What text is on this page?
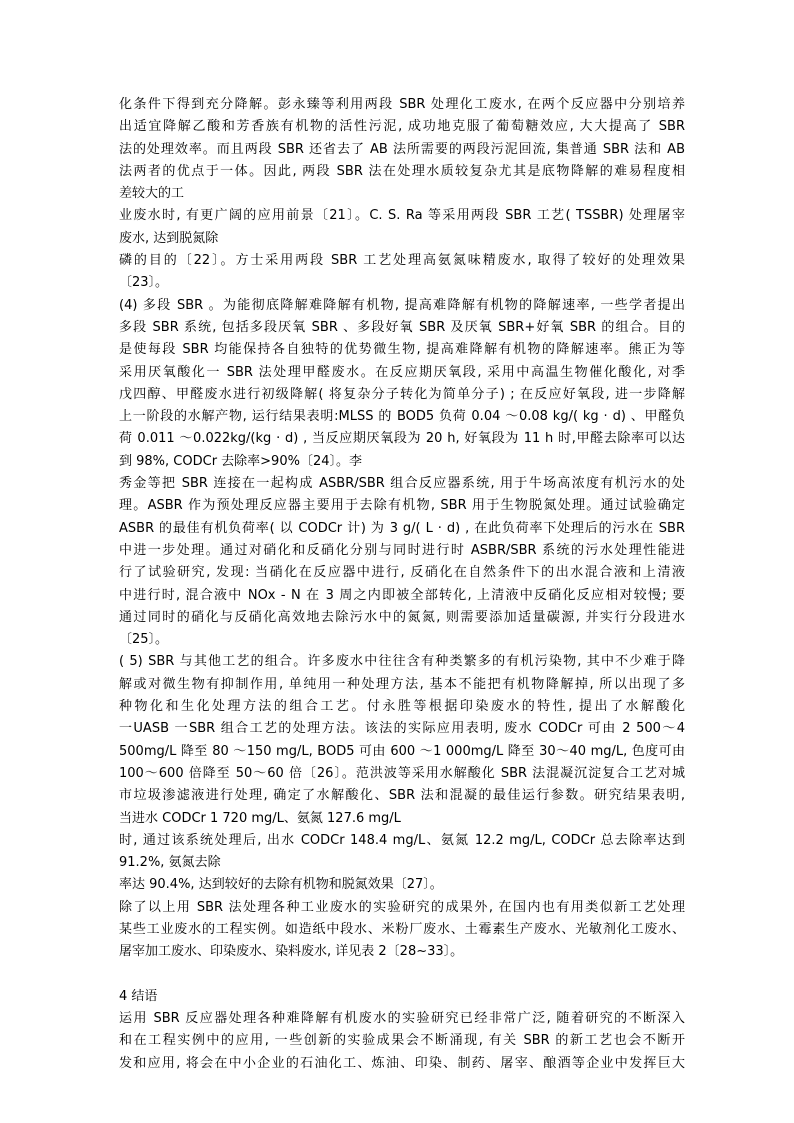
化条件下得到充分降解。彭永臻等利用两段 SBR 处理化工废水, 在两个反应器中分别培养
出适宜降解乙酸和芳香族有机物的活性污泥, 成功地克服了葡萄糖效应, 大大提高了 SBR
法的处理效率。而且两段 SBR 还省去了 AB 法所需要的两段污泥回流, 集普通 SBR 法和 AB
法两者的优点于一体。因此, 两段 SBR 法在处理水质较复杂尤其是底物降解的难易程度相
差较大的工
业废水时, 有更广阔的应用前景〔21〕。C. S. Ra 等采用两段 SBR 工艺( TSSBR) 处理屠宰
废水, 达到脱氮除
磷的目的〔22〕。方士采用两段 SBR 工艺处理高氨氮味精废水, 取得了较好的处理效果
〔23〕。
(4) 多段 SBR 。为能彻底降解难降解有机物, 提高难降解有机物的降解速率, 一些学者提出
多段 SBR 系统, 包括多段厌氧 SBR 、多段好氧 SBR 及厌氧 SBR+好氧 SBR 的组合。目的
是使每段 SBR 均能保持各自独特的优势微生物, 提高难降解有机物的降解速率。熊正为等
采用厌氧酸化一 SBR 法处理甲醛废水。在反应期厌氧段, 采用中高温生物催化酸化, 对季
戊四醇、甲醛废水进行初级降解( 将复杂分子转化为简单分子) ; 在反应好氧段, 进一步降解
上一阶段的水解产物, 运行结果表明:MLSS 的 BOD5 负荷 0.04 ～0.08 kg/( kg · d) 、甲醛负
荷 0.011 ～0.022kg/(kg · d) , 当反应期厌氧段为 20 h, 好氧段为 11 h 时,甲醛去除率可以达
到 98%, CODCr 去除率>90%〔24〕。李
秀金等把 SBR 连接在一起构成 ASBR/SBR 组合反应器系统, 用于牛场高浓度有机污水的处
理。ASBR 作为预处理反应器主要用于去除有机物, SBR 用于生物脱氮处理。通过试验确定
ASBR 的最佳有机负荷率( 以 CODCr 计) 为 3 g/( L · d) , 在此负荷率下处理后的污水在 SBR
中进一步处理。通过对硝化和反硝化分别与同时进行时 ASBR/SBR 系统的污水处理性能进
行了试验研究, 发现: 当硝化在反应器中进行, 反硝化在自然条件下的出水混合液和上清液
中进行时, 混合液中 NOx - N 在 3 周之内即被全部转化, 上清液中反硝化反应相对较慢; 要
通过同时的硝化与反硝化高效地去除污水中的氮氮, 则需要添加适量碳源, 并实行分段进水
〔25〕。
( 5) SBR 与其他工艺的组合。许多废水中往往含有种类繁多的有机污染物, 其中不少难于降
解或对微生物有抑制作用, 单纯用一种处理方法, 基本不能把有机物降解掉, 所以出现了多
种物化和生化处理方法的组合工艺。付永胜等根据印染废水的特性, 提出了水解酸化
一UASB 一SBR 组合工艺的处理方法。该法的实际应用表明, 废水 CODCr 可由 2 500～4
500mg/L 降至 80 ～150 mg/L, BOD5 可由 600 ～1 000mg/L 降至 30～40 mg/L, 色度可由
100～600 倍降至 50～60 倍〔26〕。范洪波等采用水解酸化 SBR 法混凝沉淀复合工艺对城
市垃圾渗滤液进行处理, 确定了水解酸化、SBR 法和混凝的最佳运行参数。研究结果表明,
当进水 CODCr 1 720 mg/L、氨氮 127.6 mg/L
时, 通过该系统处理后, 出水 CODCr 148.4 mg/L、氨氮 12.2 mg/L, CODCr 总去除率达到
91.2%, 氨氮去除
率达 90.4%, 达到较好的去除有机物和脱氮效果〔27〕。
除了以上用 SBR 法处理各种工业废水的实验研究的成果外, 在国内也有用类似新工艺处理
某些工业废水的工程实例。如造纸中段水、米粉厂废水、土霉素生产废水、光敏剂化工废水、
屠宰加工废水、印染废水、染料废水, 详见表 2〔28~33〕。
4 结语
运用 SBR 反应器处理各种难降解有机废水的实验研究已经非常广泛, 随着研究的不断深入
和在工程实例中的应用, 一些创新的实验成果会不断涌现, 有关 SBR 的新工艺也会不断开
发和应用, 将会在中小企业的石油化工、炼油、印染、制药、屠宰、酿酒等企业中发挥巨大
